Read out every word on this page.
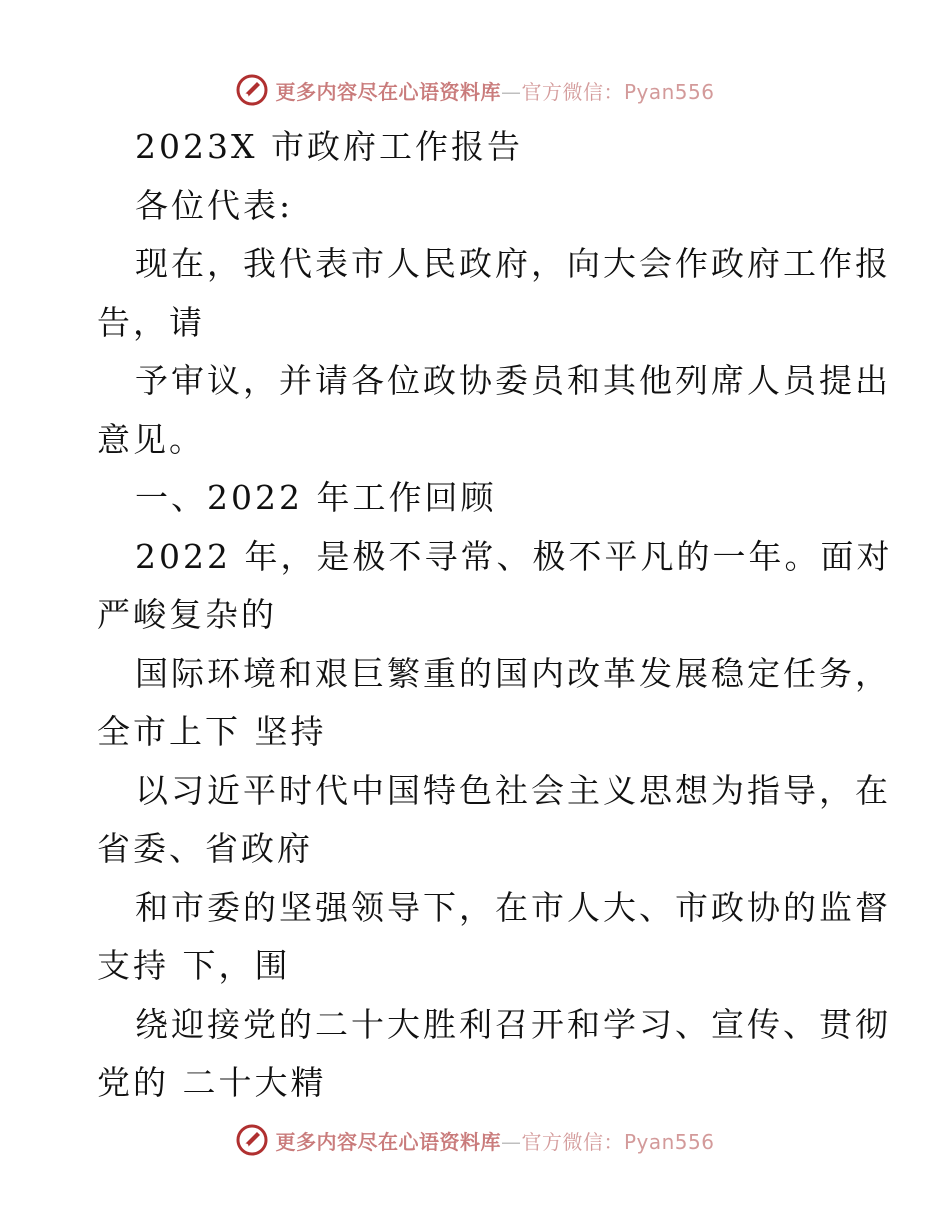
更多内容尽在心语资料库—官方微信：Pyan556
2023X 市政府工作报告
各位代表:
现在，我代表市人民政府，向大会作政府工作报
告，请
予审议，并请各位政协委员和其他列席人员提出
意见。
一、2022 年工作回顾
2022 年，是极不寻常、极不平凡的一年。面对
严峻复杂的
国际环境和艰巨繁重的国内改革发展稳定任务，
全市上下 坚持
以习近平时代中国特色社会主义思想为指导，在
省委、省政府
和市委的坚强领导下，在市人大、市政协的监督
支持 下，围
绕迎接党的二十大胜利召开和学习、宣传、贯彻
党的 二十大精
更多内容尽在心语资料库—官方微信：Pyan556
